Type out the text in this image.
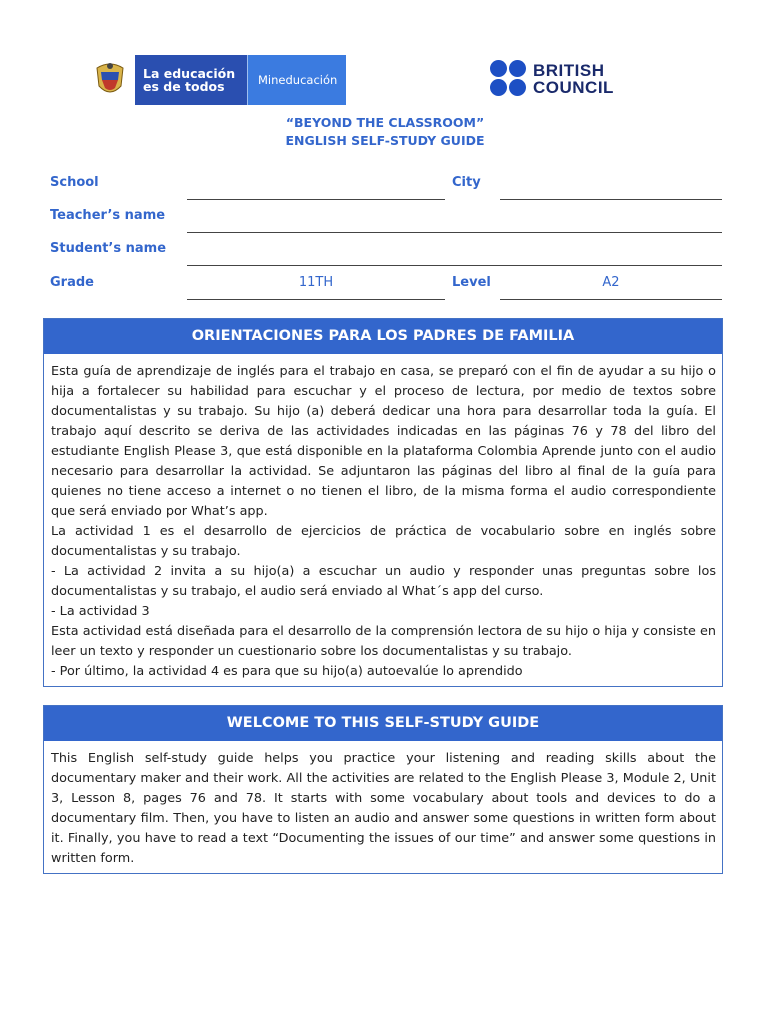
La educación
es de todos	Mineducación	BRITISH
COUNCIL
“BEYOND THE CLASSROOM”
ENGLISH SELF-STUDY GUIDE
School	City
Teacher’s name
Student’s name
Grade	11TH	Level	A2
ORIENTACIONES PARA LOS PADRES DE FAMILIA

Esta guía de aprendizaje de inglés para el trabajo en casa, se preparó con el fin de ayudar a su hijo o hija a fortalecer su habilidad para escuchar y el proceso de lectura, por medio de textos sobre documentalistas y su trabajo. Su hijo (a) deberá dedicar una hora para desarrollar toda la guía. El trabajo aquí descrito se deriva de las actividades indicadas en las páginas 76 y 78 del libro del estudiante English Please 3, que está disponible en la plataforma Colombia Aprende junto con el audio necesario para desarrollar la actividad. Se adjuntaron las páginas del libro al final de la guía para quienes no tiene acceso a internet o no tienen el libro, de la misma forma el audio correspondiente que será enviado por What’s app.

La actividad 1 es el desarrollo de ejercicios de práctica de vocabulario sobre en inglés sobre documentalistas y su trabajo.

- La actividad 2 invita a su hijo(a) a escuchar un audio y responder unas preguntas sobre los documentalistas y su trabajo, el audio será enviado al What´s app del curso.

- La actividad 3

Esta actividad está diseñada para el desarrollo de la comprensión lectora de su hijo o hija y consiste en leer un texto y responder un cuestionario sobre los documentalistas y su trabajo.

- Por último, la actividad 4 es para que su hijo(a) autoevalúe lo aprendido

WELCOME TO THIS SELF-STUDY GUIDE

This English self-study guide helps you practice your listening and reading skills about the documentary maker and their work. All the activities are related to the English Please 3, Module 2, Unit 3, Lesson 8, pages 76 and 78. It starts with some vocabulary about tools and devices to do a documentary film. Then, you have to listen an audio and answer some questions in written form about it. Finally, you have to read a text “Documenting the issues of our time” and answer some questions in written form.
